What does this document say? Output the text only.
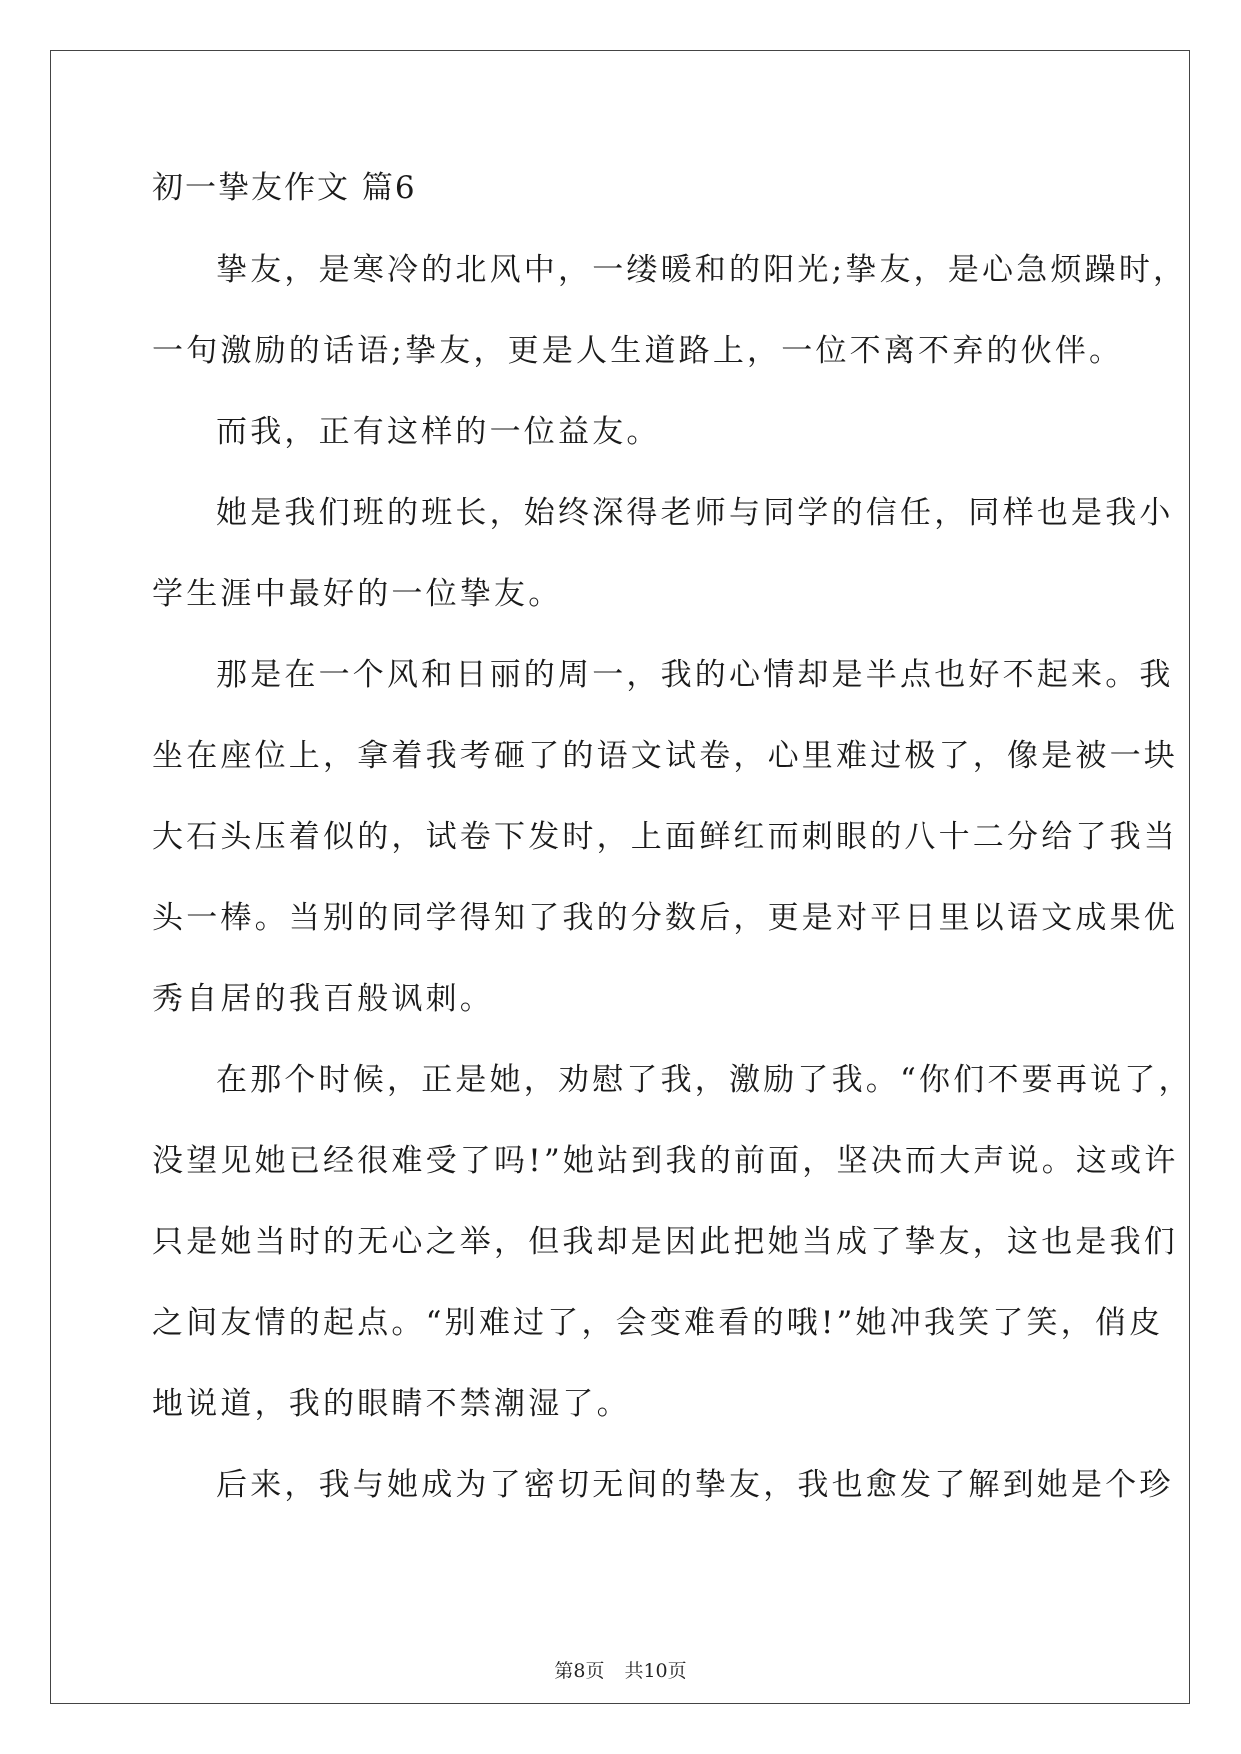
初一挚友作文 篇6
挚友，是寒冷的北风中，一缕暖和的阳光;挚友，是心急烦躁时，
一句激励的话语;挚友，更是人生道路上，一位不离不弃的伙伴。
而我，正有这样的一位益友。
她是我们班的班长，始终深得老师与同学的信任，同样也是我小
学生涯中最好的一位挚友。
那是在一个风和日丽的周一，我的心情却是半点也好不起来。我
坐在座位上，拿着我考砸了的语文试卷，心里难过极了，像是被一块
大石头压着似的，试卷下发时，上面鲜红而刺眼的八十二分给了我当
头一棒。当别的同学得知了我的分数后，更是对平日里以语文成果优
秀自居的我百般讽刺。
在那个时候，正是她，劝慰了我，激励了我。“你们不要再说了，
没望见她已经很难受了吗!”她站到我的前面，坚决而大声说。这或许
只是她当时的无心之举，但我却是因此把她当成了挚友，这也是我们
之间友情的起点。“别难过了，会变难看的哦!”她冲我笑了笑，俏皮
地说道，我的眼睛不禁潮湿了。
后来，我与她成为了密切无间的挚友，我也愈发了解到她是个珍
第8页 共10页
